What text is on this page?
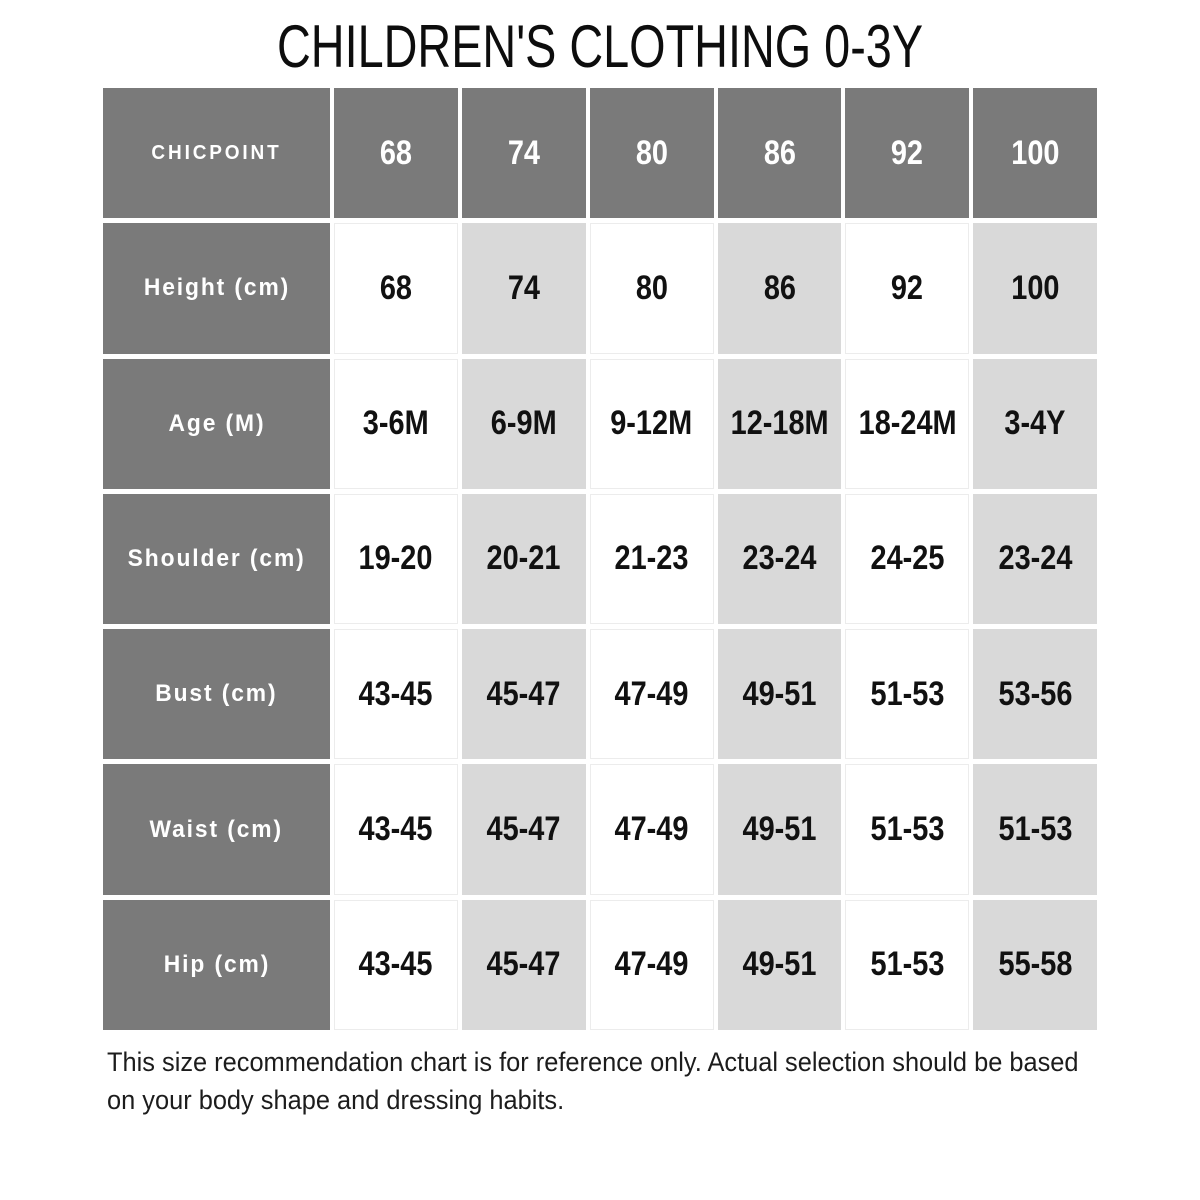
CHILDREN'S CLOTHING 0-3Y
CHICPOINT	68	74	80	86	92	100
Height (cm)	68	74	80	86	92	100
Age (M)	3-6M 6-9M 9-12M 12-18M 18-24M 3-4Y
Shoulder (cm) 19-20 20-21 21-23 23-24 24-25 23-24
Bust (cm) 43-45 45-47 47-49 49-51 51-53 53-56
Waist (cm) 43-45 45-47 47-49 49-51 51-53 51-53
Hip (cm)	43-45 45-47 47-49 49-51 51-53 55-58
This size recommendation chart is for reference only. Actual selection should be based
on your body shape and dressing habits.
